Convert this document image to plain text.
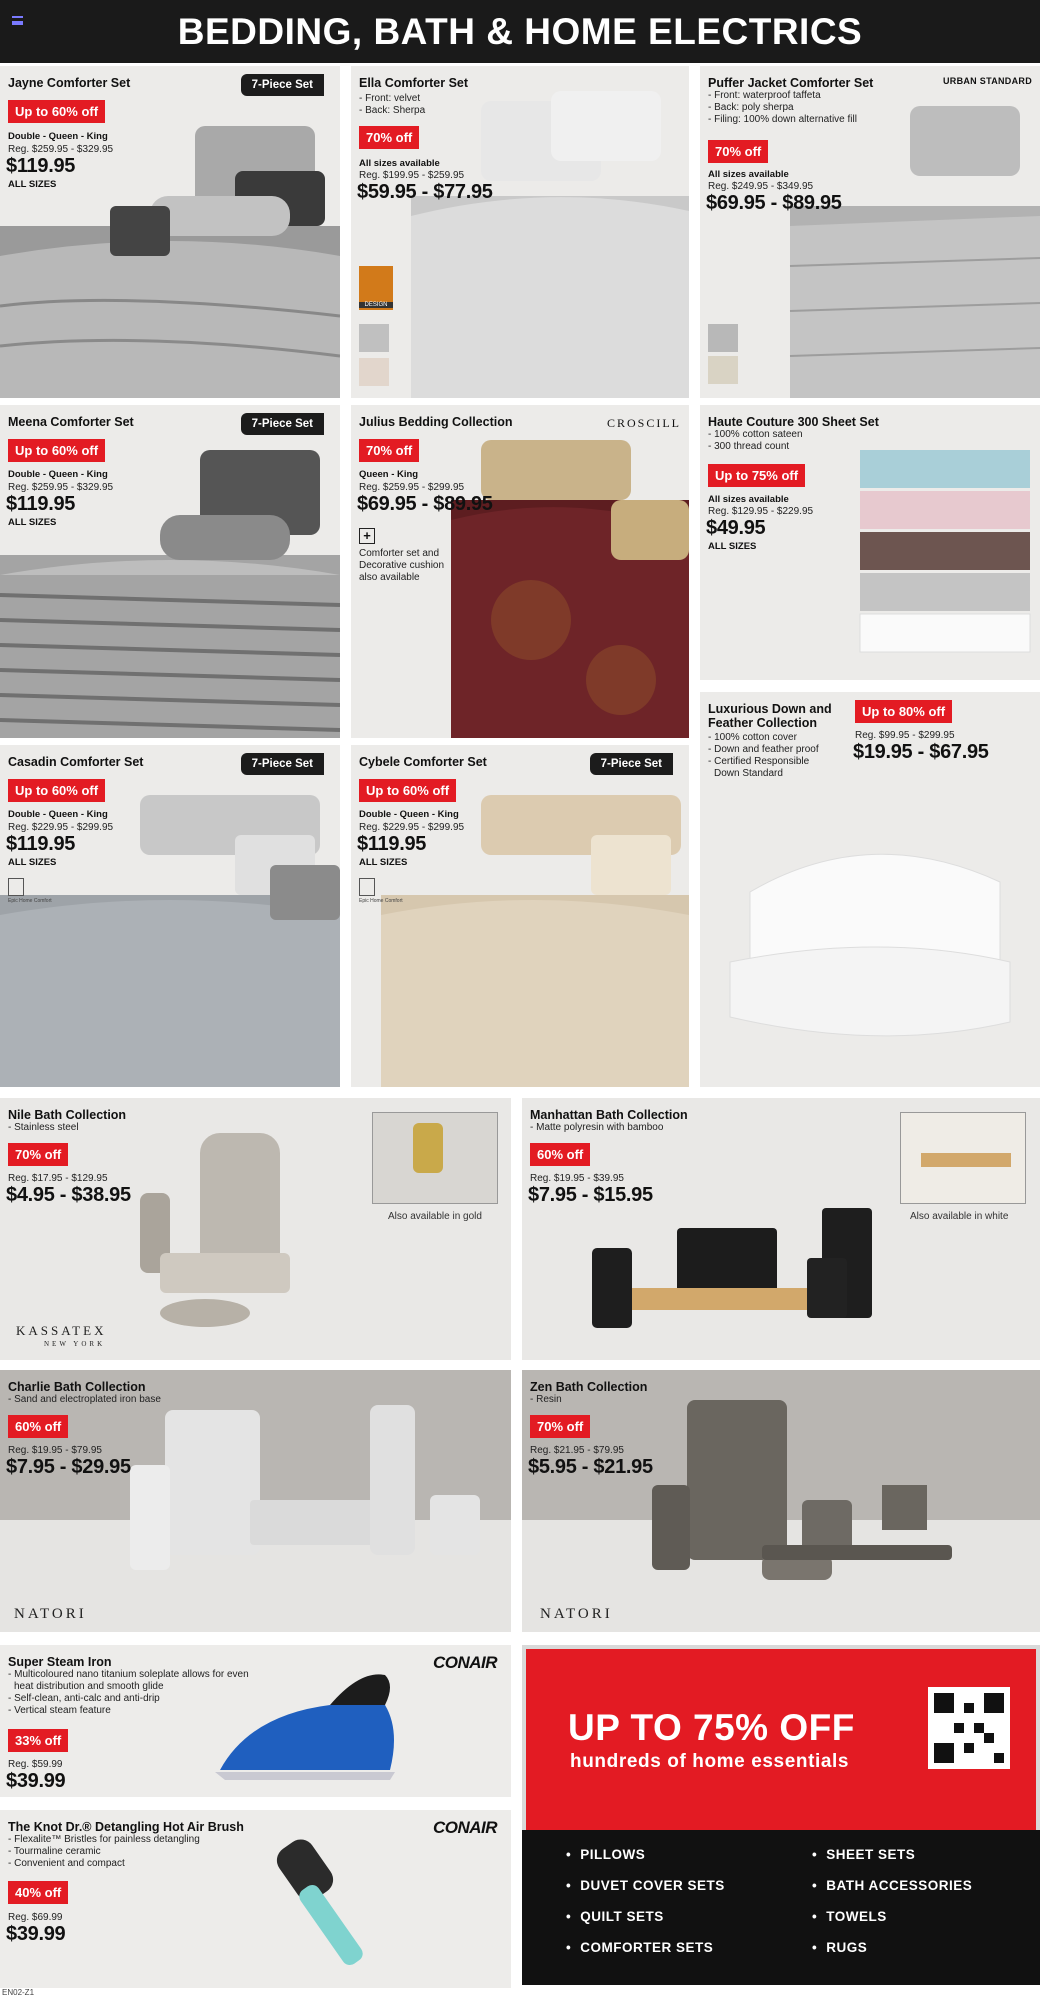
BEDDING, BATH & HOME ELECTRICS
Jayne Comforter Set	7-Piece Set
Up to 60% off
Double - Queen - King
Reg. $259.95 - $329.95
$119.95
ALL SIZES
Ella Comforter Set
- Front: velvet
- Back: Sherpa
70% off
All sizes available
Reg. $199.95 - $259.95
$59.95 - $77.95
DESIGN
Puffer Jacket Comforter Set	URBAN STANDARD
- Front: waterproof taffeta
- Back: poly sherpa
- Filing: 100% down alternative fill
70% off
All sizes available
Reg. $249.95 - $349.95
$69.95 - $89.95
Meena Comforter Set	7-Piece Set
Up to 60% off
Double - Queen - King
Reg. $259.95 - $329.95
$119.95
ALL SIZES
Julius Bedding Collection	CROSCILL
70% off
Queen - King
Reg. $259.95 - $299.95
$69.95 - $89.95
+
Comforter set and
Decorative cushion
also available
Haute Couture 300 Sheet Set
- 100% cotton sateen
- 300 thread count
Up to 75% off
All sizes available
Reg. $129.95 - $229.95
$49.95
ALL SIZES
Luxurious Down and
Feather Collection
- 100% cotton cover
- Down and feather proof
- Certified Responsible
Down Standard
Up to 80% off
Reg. $99.95 - $299.95
$19.95 - $67.95
Casadin Comforter Set	7-Piece Set
Up to 60% off
Double - Queen - King
Reg. $229.95 - $299.95
$119.95
ALL SIZES
Epic Home Comfort
Cybele Comforter Set	7-Piece Set
Up to 60% off
Double - Queen - King
Reg. $229.95 - $299.95
$119.95
ALL SIZES
Epic Home Comfort
Nile Bath Collection
- Stainless steel
70% off
Reg. $17.95 - $129.95
$4.95 - $38.95
Also available in gold
KASSATEX
NEW YORK
Manhattan Bath Collection
- Matte polyresin with bamboo
60% off
Reg. $19.95 - $39.95
$7.95 - $15.95
Also available in white
Charlie Bath Collection
- Sand and electroplated iron base
60% off
Reg. $19.95 - $79.95
$7.95 - $29.95
NATORI
Zen Bath Collection
- Resin
70% off
Reg. $21.95 - $79.95
$5.95 - $21.95
NATORI
Super Steam Iron	CONAIR
- Multicoloured nano titanium soleplate allows for even
heat distribution and smooth glide
- Self-clean, anti-calc and anti-drip
- Vertical steam feature
33% off
Reg. $59.99
$39.99
The Knot Dr.® Detangling Hot Air Brush	CONAIR
- Flexalite™ Bristles for painless detangling
- Tourmaline ceramic
- Convenient and compact
40% off
Reg. $69.99
$39.99
UP TO 75% OFF

hundreds of home essentials

• PILLOWS	• SHEET SETS
• DUVET COVER SETS	• BATH ACCESSORIES
• QUILT SETS	• TOWELS
• COMFORTER SETS	• RUGS
EN02-Z1
